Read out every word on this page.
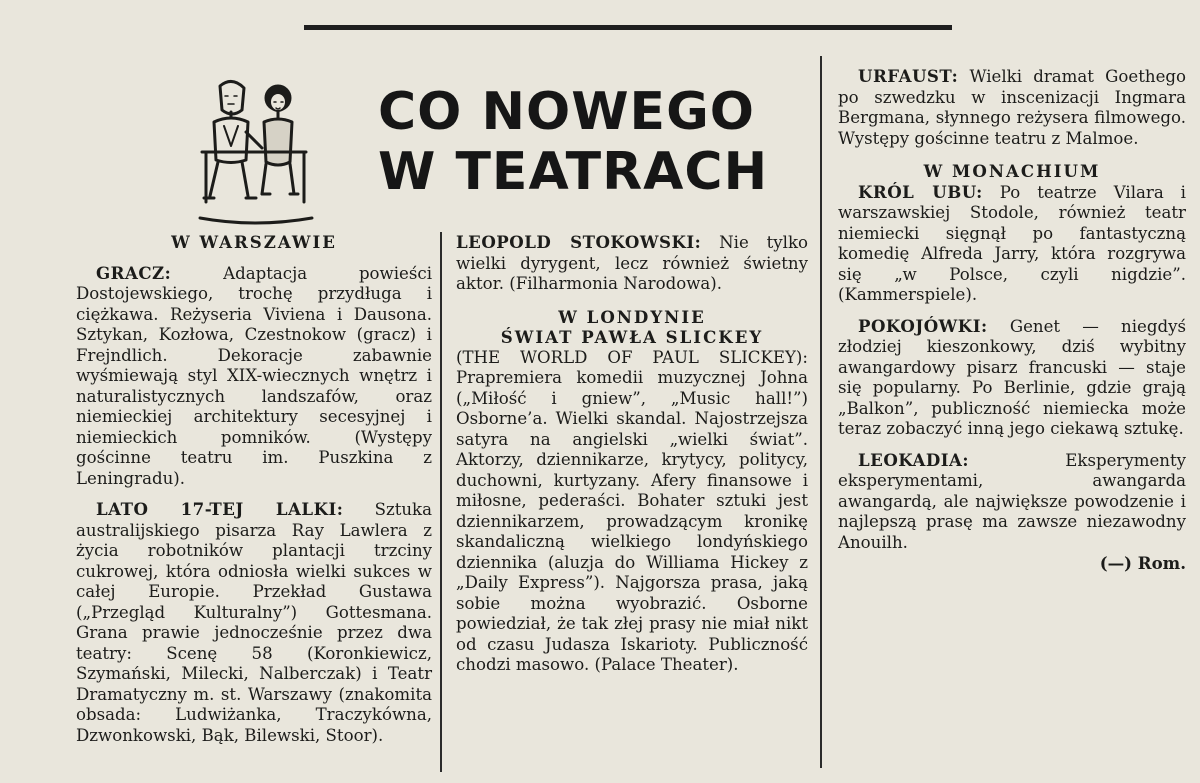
CO NOWEGO
W TEATRACH
W WARSZAWIE

GRACZ: Adaptacja powieści Dostojewskiego, trochę przydługa i ciężkawa. Reżyseria Viviena i Dausona. Sztykan, Kozłowa, Czestnokow (gracz) i Frejndlich. Dekoracje zabawnie wyśmiewają styl XIX-wiecznych wnętrz i naturalistycznych landszafów, oraz niemieckiej architektury secesyjnej i niemieckich pomników. (Występy gościnne teatru im. Puszkina z Leningradu).

LATO 17-TEJ LALKI: Sztuka australijskiego pisarza Ray Lawlera z życia robotników plantacji trzciny cukrowej, która odniosła wielki sukces w całej Europie. Przekład Gustawa („Przegląd Kulturalny”) Gottesmana. Grana prawie jednocześnie przez dwa teatry: Scenę 58 (Koronkiewicz, Szymański, Milecki, Nalberczak) i Teatr Dramatyczny m. st. Warszawy (znakomita obsada: Ludwiżanka, Traczykówna, Dzwonkowski, Bąk, Bilewski, Stoor).

LEOPOLD STOKOWSKI: Nie tylko wielki dyrygent, lecz również świetny aktor. (Filharmonia Narodowa).

W LONDYNIE
ŚWIAT PAWŁA SLICKEY

(THE WORLD OF PAUL SLICKEY): Prapremiera komedii muzycznej Johna („Miłość i gniew”, „Music hall!”) Osborne’a. Wielki skandal. Najostrzejsza satyra na angielski „wielki świat”. Aktorzy, dziennikarze, krytycy, politycy, duchowni, kurtyzany. Afery finansowe i miłosne, pederaści. Bohater sztuki jest dziennikarzem, prowadzącym kronikę skandaliczną wielkiego londyńskiego dziennika (aluzja do Williama Hickey z „Daily Express”). Najgorsza prasa, jaką sobie można wyobrazić. Osborne powiedział, że tak złej prasy nie miał nikt od czasu Judasza Iskarioty. Publiczność chodzi masowo. (Palace Theater).

URFAUST: Wielki dramat Goethego po szwedzku w inscenizacji Ingmara Bergmana, słynnego reżysera filmowego. Występy gościnne teatru z Malmoe.

W MONACHIUM

KRÓL UBU: Po teatrze Vilara i warszawskiej Stodole, również teatr niemiecki sięgnął po fantastyczną komedię Alfreda Jarry, która rozgrywa się „w Polsce, czyli nigdzie”. (Kammerspiele).

POKOJÓWKI: Genet — niegdyś złodziej kieszonkowy, dziś wybitny awangardowy pisarz francuski — staje się popularny. Po Berlinie, gdzie grają „Balkon”, publiczność niemiecka może teraz zobaczyć inną jego ciekawą sztukę.

LEOKADIA: Eksperymenty eksperymentami, awangarda awangardą, ale największe powodzenie i najlepszą prasę ma zawsze niezawodny Anouilh.

(—) Rom.
